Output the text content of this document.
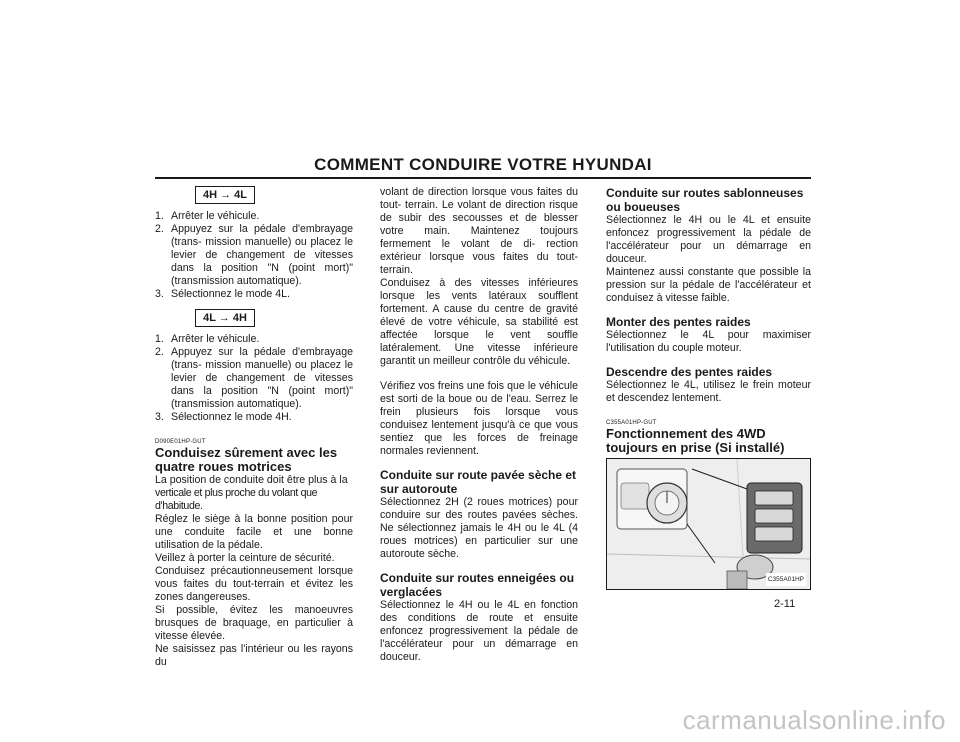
COMMENT CONDUIRE VOTRE HYUNDAI
4H → 4L
1. Arrêter le véhicule.
2. Appuyez sur la pédale d'embrayage (trans- mission manuelle) ou placez le levier de changement de vitesses dans la position "N (point mort)" (transmission automatique).
3. Sélectionnez le mode 4L.
4L → 4H
1. Arrêter le véhicule.
2. Appuyez sur la pédale d'embrayage (trans- mission manuelle) ou placez le levier de changement de vitesses dans la position "N (point mort)" (transmission automatique).
3. Sélectionnez le mode 4H.
D090E01HP-GUT
Conduisez sûrement avec les quatre roues motrices

La position de conduite doit être plus à la

verticale et plus proche du volant que d'habitude.

Réglez le siège à la bonne position pour une conduite facile et une bonne utilisation de la pédale.

Veillez à porter la ceinture de sécurité.

Conduisez précautionneusement lorsque vous faites du tout-terrain et évitez les zones dangereuses.

Si possible, évitez les manoeuvres brusques de braquage, en particulier à vitesse élevée.

Ne saisissez pas l'intérieur ou les rayons du

volant de direction lorsque vous faites du tout- terrain. Le volant de direction risque de subir des secousses et de blesser votre main. Maintenez toujours fermement le volant de di- rection extérieur lorsque vous faites du tout- terrain.

Conduisez à des vitesses inférieures lorsque les vents latéraux soufflent fortement. A cause du centre de gravité élevé de votre véhicule, sa stabilité est affectée lorsque le vent souffle latéralement. Une vitesse inférieure garantit un meilleur contrôle du véhicule.

Vérifiez vos freins une fois que le véhicule est sorti de la boue ou de l'eau. Serrez le frein plusieurs fois lorsque vous conduisez lentement jusqu'à ce que vous sentiez que les forces de freinage normales reviennent.

Conduite sur route pavée sèche et sur autoroute

Sélectionnez 2H (2 roues motrices) pour conduire sur des routes pavées sèches. Ne sélectionnez jamais le 4H ou le 4L (4 roues motrices) en particulier sur une autoroute sèche.

Conduite sur routes enneigées ou verglacées

Sélectionnez le 4H ou le 4L en fonction des conditions de route et ensuite enfoncez progressivement la pédale de l'accélérateur pour un démarrage en douceur.

Conduite sur routes sablonneuses ou boueuses

Sélectionnez le 4H ou le 4L et ensuite enfoncez progressivement la pédale de l'accélérateur pour un démarrage en douceur.

Maintenez aussi constante que possible la pression sur la pédale de l'accélérateur et conduisez à vitesse faible.

Monter des pentes raides

Sélectionnez le 4L pour maximiser l'utilisation du couple moteur.

Descendre des pentes raides

Sélectionnez le 4L, utilisez le frein moteur et descendez lentement.

C355A01HP-GUT
Fonctionnement des 4WD toujours en prise (Si installé)
C355A01HP
2-11
carmanualsonline.info
